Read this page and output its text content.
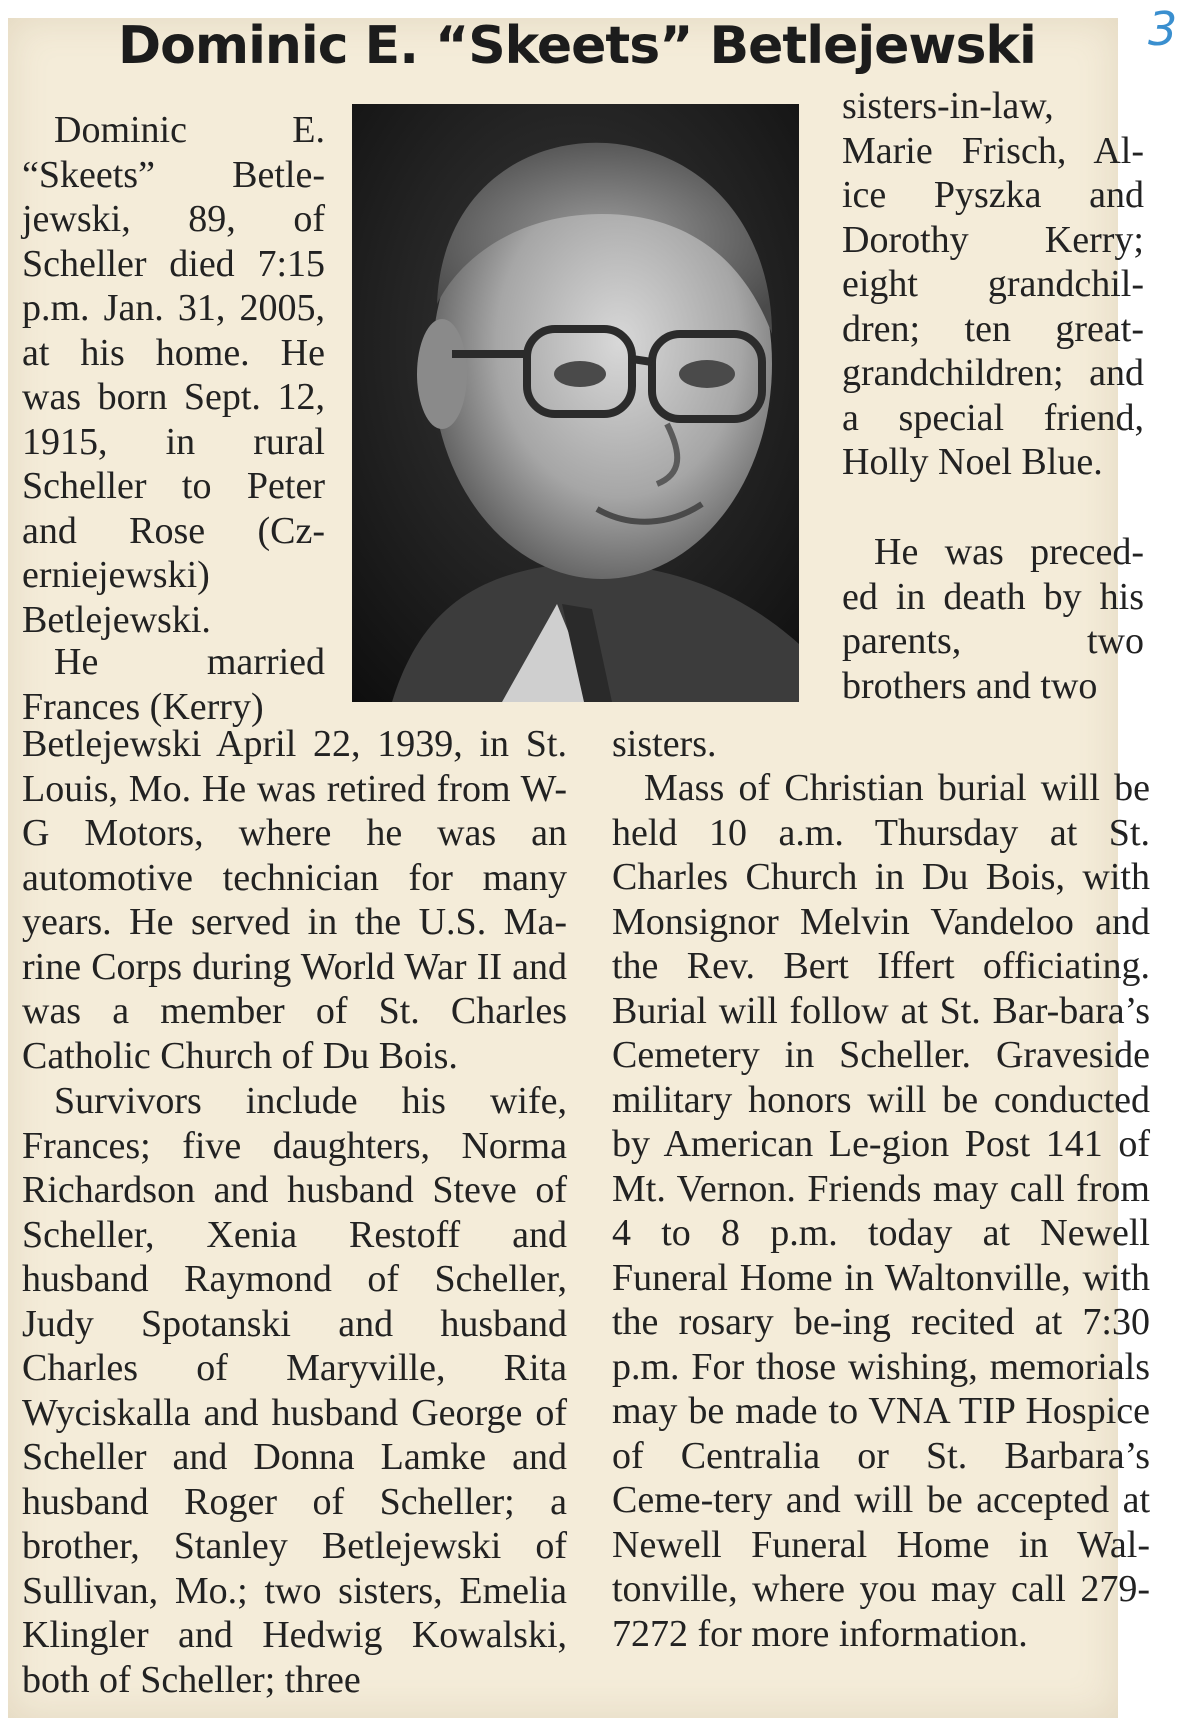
3
Dominic E. “Skeets” Betlejewski

Dominic E. “Skeets” Betle-jewski, 89, of Scheller died 7:15 p.m. Jan. 31, 2005, at his home. He was born Sept. 12, 1915, in rural Scheller to Peter and Rose (Cz-erniejewski) Betlejewski.

He married Frances (Kerry)

sisters-in-law, Marie Frisch, Al-ice Pyszka and Dorothy Kerry; eight grandchil-dren; ten great-grandchildren; and a special friend, Holly Noel Blue.

He was preced-ed in death by his parents, two brothers and two

Betlejewski April 22, 1939, in St. Louis, Mo. He was retired from W-G Motors, where he was an automotive technician for many years. He served in the U.S. Ma-rine Corps during World War II and was a member of St. Charles Catholic Church of Du Bois.

Survivors include his wife, Frances; five daughters, Norma Richardson and husband Steve of Scheller, Xenia Restoff and husband Raymond of Scheller, Judy Spotanski and husband Charles of Maryville, Rita Wyciskalla and husband George of Scheller and Donna Lamke and husband Roger of Scheller; a brother, Stanley Betlejewski of Sullivan, Mo.; two sisters, Emelia Klingler and Hedwig Kowalski, both of Scheller; three

sisters.

Mass of Christian burial will be held 10 a.m. Thursday at St. Charles Church in Du Bois, with Monsignor Melvin Vandeloo and the Rev. Bert Iffert officiating. Burial will follow at St. Bar-bara’s Cemetery in Scheller. Graveside military honors will be conducted by American Le-gion Post 141 of Mt. Vernon. Friends may call from 4 to 8 p.m. today at Newell Funeral Home in Waltonville, with the rosary be-ing recited at 7:30 p.m. For those wishing, memorials may be made to VNA TIP Hospice of Centralia or St. Barbara’s Ceme-tery and will be accepted at Newell Funeral Home in Wal-tonville, where you may call 279-7272 for more information.
